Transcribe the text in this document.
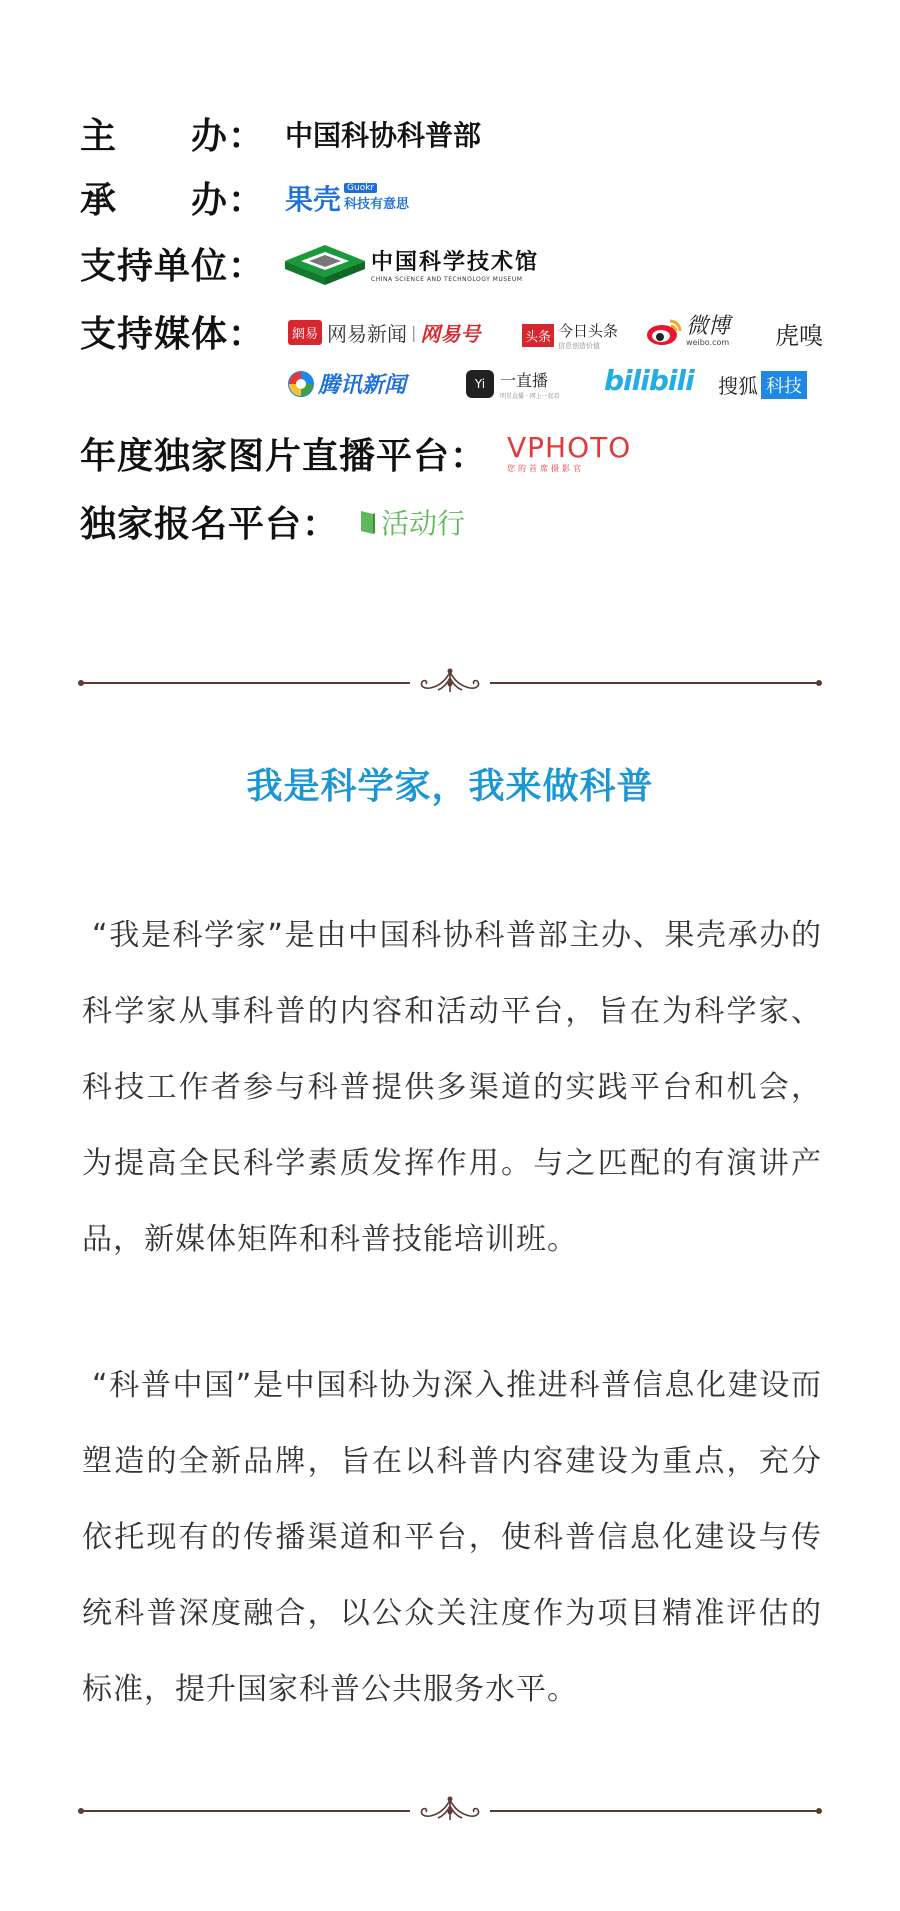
主　　办： 中国科协科普部
承　　办： 果壳 Guokr
科技有意思
支持单位：	中国科学技术馆
CHINA SCIENCE AND TECHNOLOGY MUSEUM
支持媒体：	網易 网易新闻 | 网易号	头条 今日头条
信息创造价值
微博
weibo.com 虎嗅
腾讯新闻	Yi 一直播
明星直播 · 网上一起看 bilibili 搜狐 科技
年度独家图片直播平台： VPHOTO
您的首席摄影官
独家报名平台： 活动行
我是科学家，我来做科普
“我是科学家”是由中国科协科普部主办、果壳承办的科学家从事科普的内容和活动平台，旨在为科学家、科技工作者参与科普提供多渠道的实践平台和机会，为提高全民科学素质发挥作用。与之匹配的有演讲产品，新媒体矩阵和科普技能培训班。
“科普中国”是中国科协为深入推进科普信息化建设而塑造的全新品牌，旨在以科普内容建设为重点，充分依托现有的传播渠道和平台，使科普信息化建设与传统科普深度融合，以公众关注度作为项目精准评估的标准，提升国家科普公共服务水平。
